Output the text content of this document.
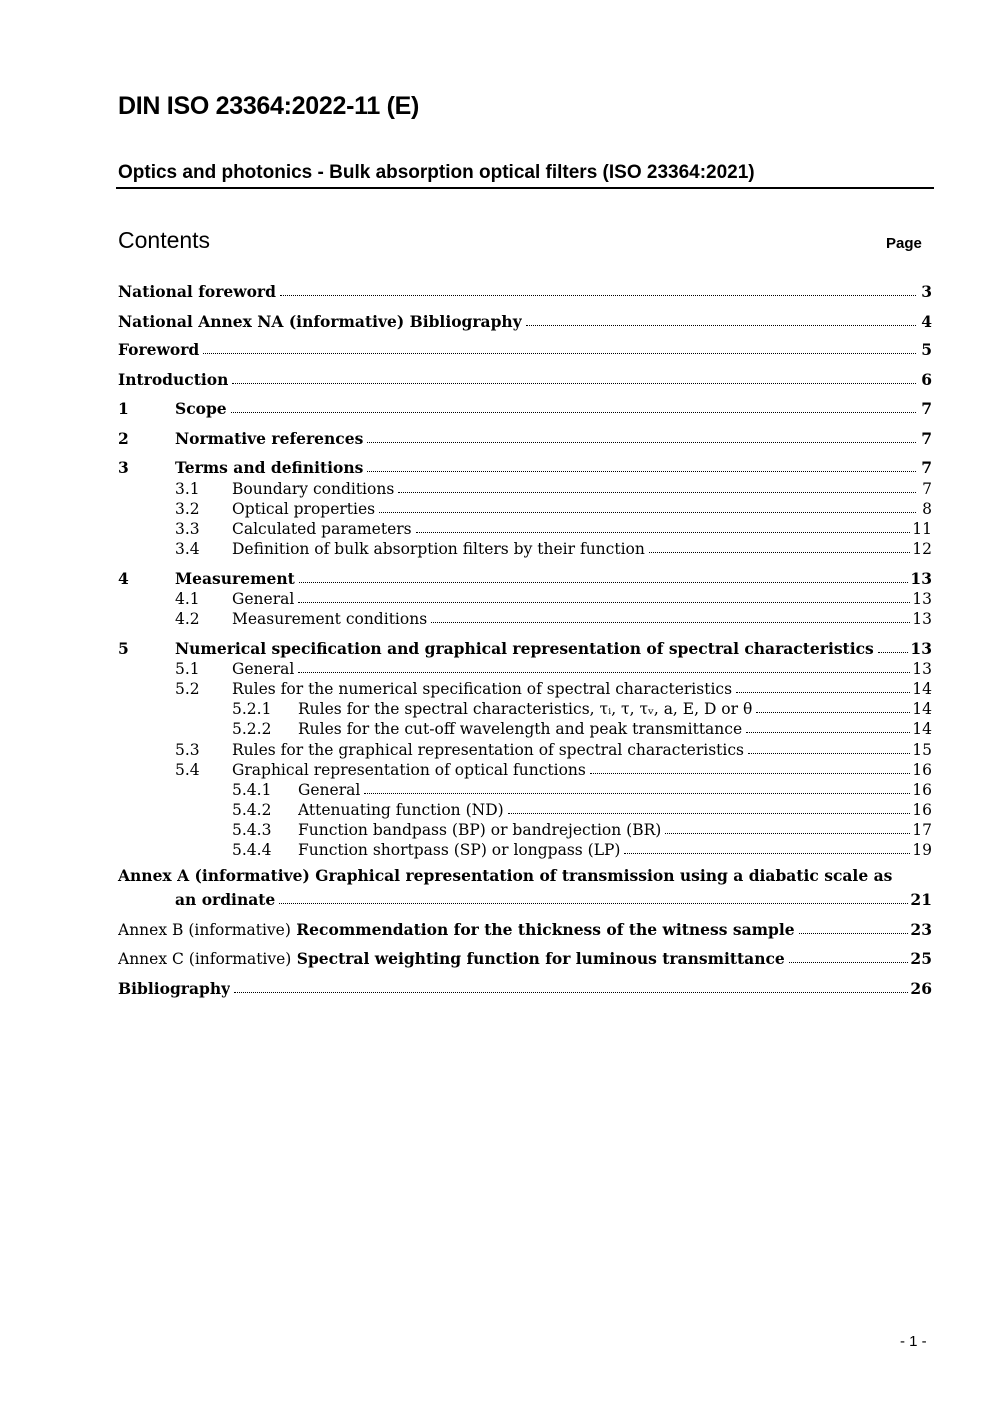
DIN ISO 23364:2022-11 (E)
Optics and photonics - Bulk absorption optical filters (ISO 23364:2021)
Contents	Page
National foreword	3
National Annex NA (informative) Bibliography	4
Foreword	5
Introduction	6
1	Scope	7
2	Normative references	7
3	Terms and definitions	7
3.1	Boundary conditions	7
3.2	Optical properties	8
3.3	Calculated parameters	11
3.4	Definition of bulk absorption filters by their function	12
4	Measurement	13
4.1	General	13
4.2	Measurement conditions	13
5	Numerical specification and graphical representation of spectral characteristics 13
5.1	General	13
5.2	Rules for the numerical specification of spectral characteristics	14
5.2.1	Rules for the spectral characteristics, τᵢ, τ, τᵥ, a, E, D or θ	14
5.2.2	Rules for the cut-off wavelength and peak transmittance	14
5.3	Rules for the graphical representation of spectral characteristics	15
5.4	Graphical representation of optical functions	16
5.4.1	General	16
5.4.2	Attenuating function (ND)	16
5.4.3	Function bandpass (BP) or bandrejection (BR)	17
5.4.4	Function shortpass (SP) or longpass (LP)	19
Annex A (informative) Graphical representation of transmission using a diabatic scale as
an ordinate	21
Annex B (informative) Recommendation for the thickness of the witness sample	23
Annex C (informative) Spectral weighting function for luminous transmittance	25
Bibliography	26
- 1 -
